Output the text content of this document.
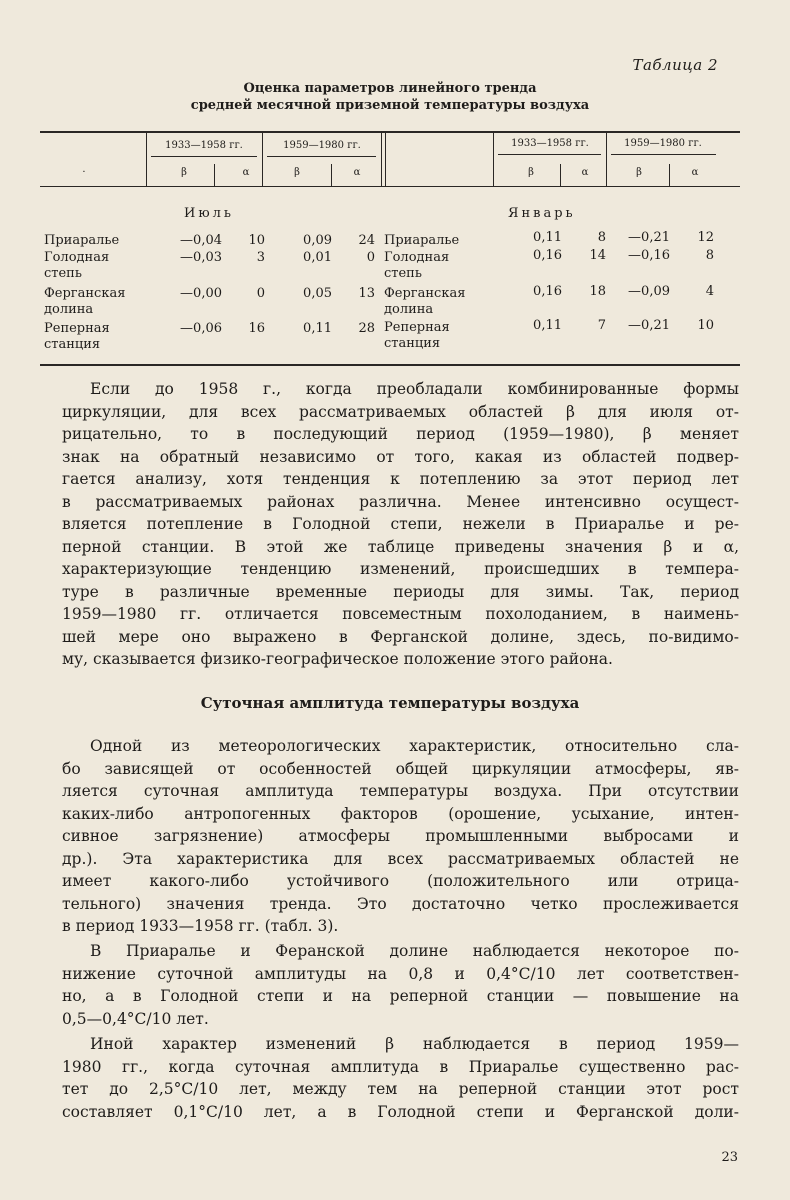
Таблица 2
Оценка параметров линейного тренда
средней месячной приземной температуры воздуха
1933—1958 гг.	1959—1980 гг.	1933—1958 гг.	1959—1980 гг.
β	α	β	α	β	α	β	α
·
Июль	Январь
Приаралье	—0,04	10	0,09	24
Голодная
степь
—0,03	3	0,01	0
Ферганская
долина
—0,00	0	0,05	13
Реперная
станция
—0,06	16	0,11	28
Приаралье	0,11	8	—0,21	12
Голодная
степь
0,16	14	—0,16	8
Ферганская
долина
0,16	18	—0,09	4
Реперная
станция
0,11	7	—0,21	10
Если до 1958 г., когда преобладали комбинированные формы
циркуляции, для всех рассматриваемых областей β для июля от-
рицательно, то в последующий период (1959—1980), β меняет
знак на обратный независимо от того, какая из областей подвер-
гается анализу, хотя тенденция к потеплению за этот период лет
в рассматриваемых районах различна. Менее интенсивно осущест-
вляется потепление в Голодной степи, нежели в Приаралье и ре-
перной станции. В этой же таблице приведены значения β и α,
характеризующие тенденцию изменений, происшедших в темпера-
туре в различные временные периоды для зимы. Так, период
1959—1980 гг. отличается повсеместным похолоданием, в наимень-
шей мере оно выражено в Ферганской долине, здесь, по-видимо-
му, сказывается физико-географическое положение этого района.
Суточная амплитуда температуры воздуха
Одной из метеорологических характеристик, относительно сла-
бо зависящей от особенностей общей циркуляции атмосферы, яв-
ляется суточная амплитуда температуры воздуха. При отсутствии
каких-либо антропогенных факторов (орошение, усыхание, интен-
сивное загрязнение) атмосферы промышленными выбросами и
др.). Эта характеристика для всех рассматриваемых областей не
имеет какого-либо устойчивого (положительного или отрица-
тельного) значения тренда. Это достаточно четко прослеживается
в период 1933—1958 гг. (табл. 3).
В Приаралье и Феранской долине наблюдается некоторое по-
нижение суточной амплитуды на 0,8 и 0,4°С/10 лет соответствен-
но, а в Голодной степи и на реперной станции — повышение на
0,5—0,4°С/10 лет.
Иной характер изменений β наблюдается в период 1959—
1980 гг., когда суточная амплитуда в Приаралье существенно рас-
тет до 2,5°С/10 лет, между тем на реперной станции этот рост
составляет 0,1°С/10 лет, а в Голодной степи и Ферганской доли-
23
